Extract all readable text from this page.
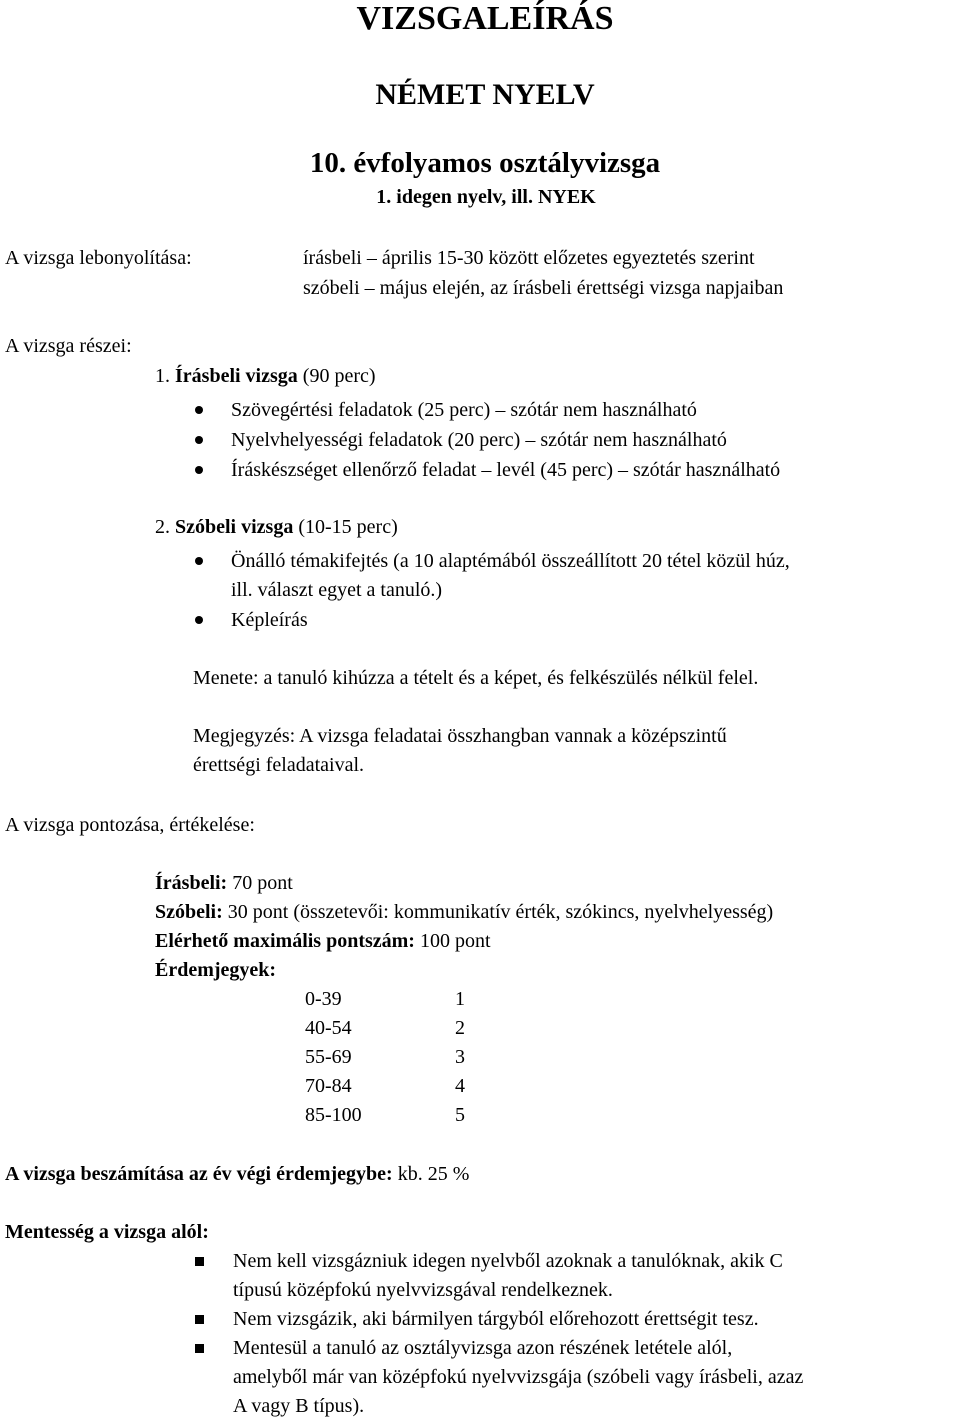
VIZSGALEÍRÁS
NÉMET NYELV
10. évfolyamos osztályvizsga
1. idegen nyelv, ill. NYEK
A vizsga lebonyolítása:	írásbeli – április 15-30 között előzetes egyeztetés szerint
szóbeli – május elején, az írásbeli érettségi vizsga napjaiban
A vizsga részei:
1. Írásbeli vizsga (90 perc)
Szövegértési feladatok (25 perc) – szótár nem használható
Nyelvhelyességi feladatok (20 perc) – szótár nem használható
Íráskészséget ellenőrző feladat – levél (45 perc) – szótár használható
2. Szóbeli vizsga (10-15 perc)
Önálló témakifejtés (a 10 alaptémából összeállított 20 tétel közül húz,
ill. választ egyet a tanuló.)
Képleírás
Menete: a tanuló kihúzza a tételt és a képet, és felkészülés nélkül felel.
Megjegyzés: A vizsga feladatai összhangban vannak a középszintű
érettségi feladataival.
A vizsga pontozása, értékelése:
Írásbeli: 70 pont
Szóbeli: 30 pont (összetevői: kommunikatív érték, szókincs, nyelvhelyesség)
Elérhető maximális pontszám: 100 pont
Érdemjegyek:
0-39	1
40-54	2
55-69	3
70-84	4
85-100	5
A vizsga beszámítása az év végi érdemjegybe: kb. 25 %
Mentesség a vizsga alól:
Nem kell vizsgázniuk idegen nyelvből azoknak a tanulóknak, akik C
típusú középfokú nyelvvizsgával rendelkeznek.
Nem vizsgázik, aki bármilyen tárgyból előrehozott érettségit tesz.
Mentesül a tanuló az osztályvizsga azon részének letétele alól,
amelyből már van középfokú nyelvvizsgája (szóbeli vagy írásbeli, azaz
A vagy B típus).
